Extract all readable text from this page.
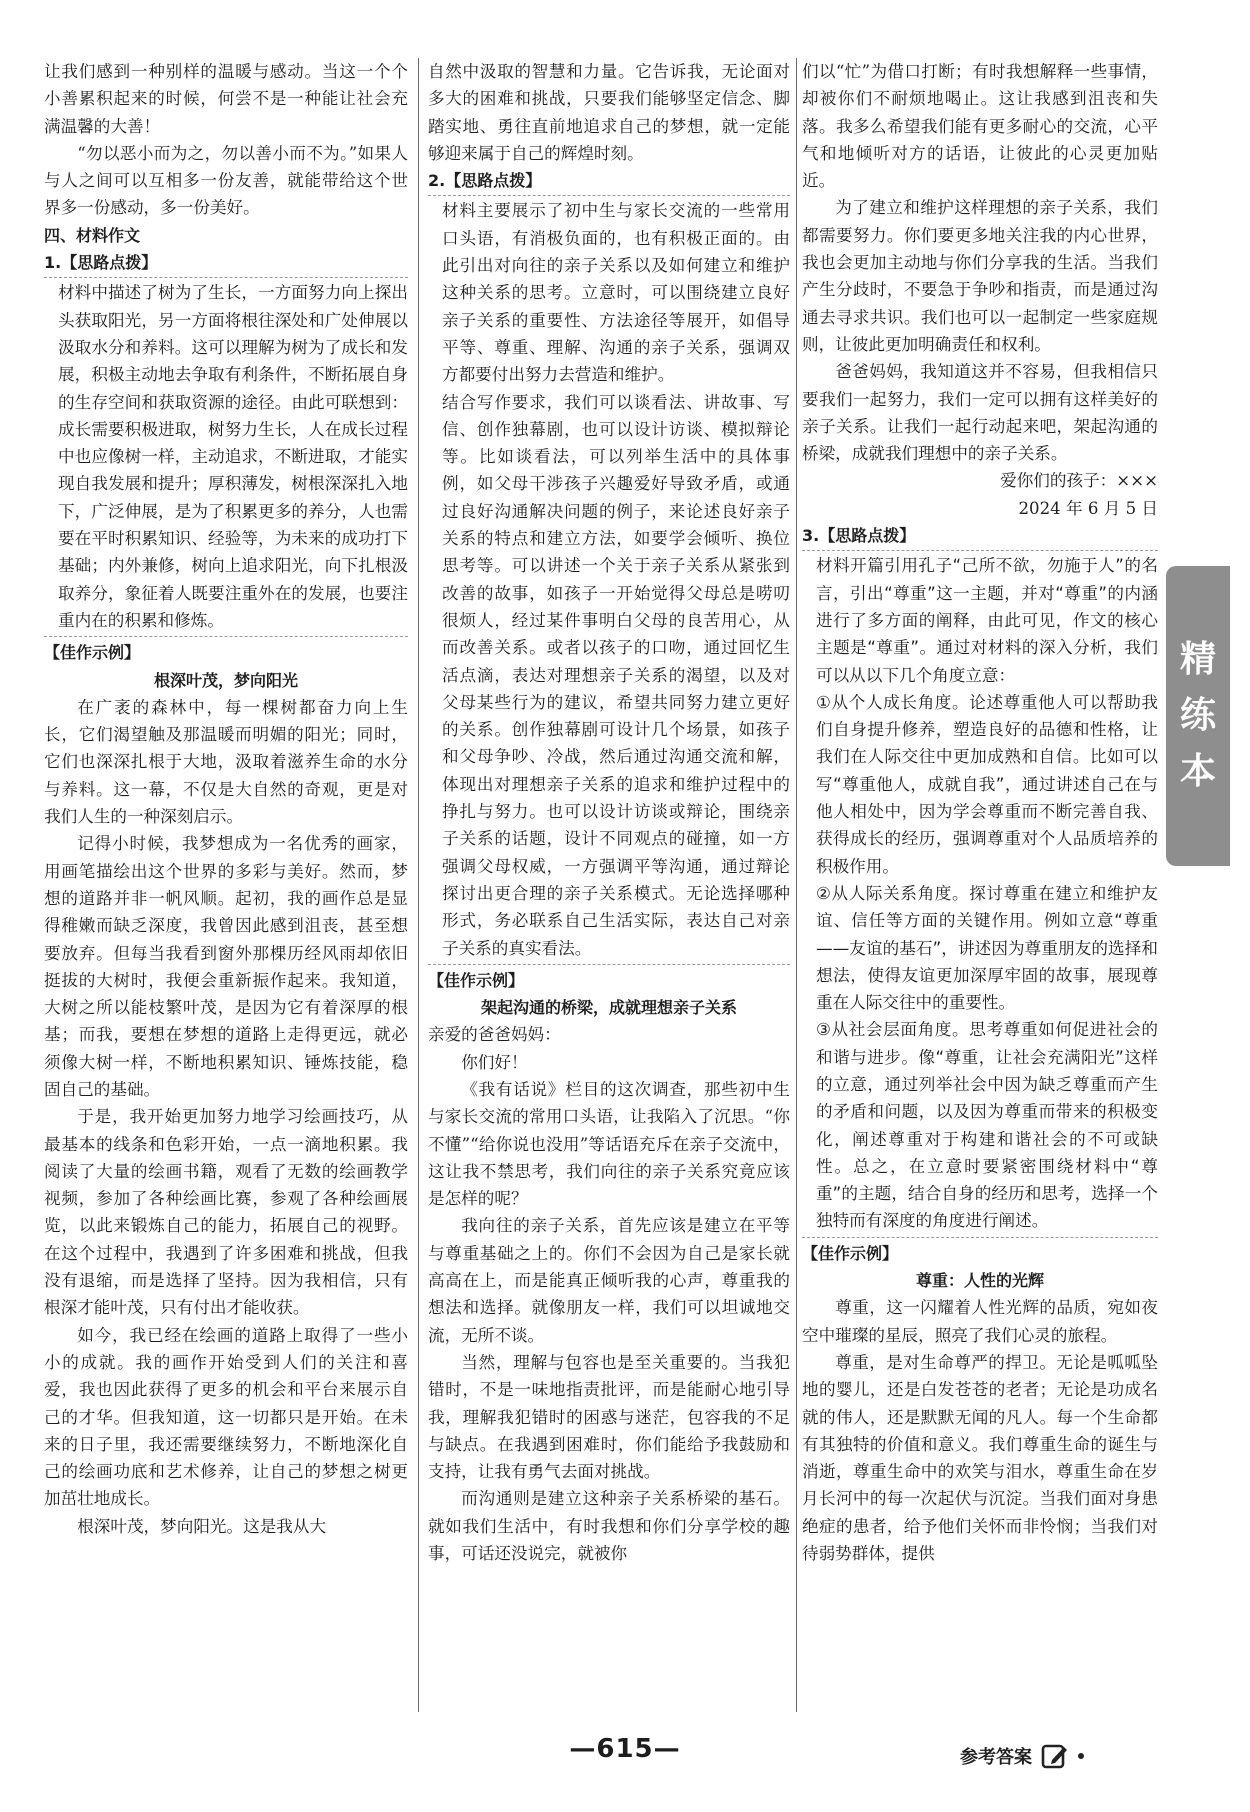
让我们感到一种别样的温暖与感动。当这一个个小善累积起来的时候，何尝不是一种能让社会充满温馨的大善！

“勿以恶小而为之，勿以善小而不为。”如果人与人之间可以互相多一份友善，就能带给这个世界多一份感动，多一份美好。

四、材料作文

1.【思路点拨】

材料中描述了树为了生长，一方面努力向上探出头获取阳光，另一方面将根往深处和广处伸展以汲取水分和养料。这可以理解为树为了成长和发展，积极主动地去争取有利条件，不断拓展自身的生存空间和获取资源的途径。由此可联想到：成长需要积极进取，树努力生长，人在成长过程中也应像树一样，主动追求，不断进取，才能实现自我发展和提升；厚积薄发，树根深深扎入地下，广泛伸展，是为了积累更多的养分，人也需要在平时积累知识、经验等，为未来的成功打下基础；内外兼修，树向上追求阳光，向下扎根汲取养分，象征着人既要注重外在的发展，也要注重内在的积累和修炼。

【佳作示例】

根深叶茂，梦向阳光

在广袤的森林中，每一棵树都奋力向上生长，它们渴望触及那温暖而明媚的阳光；同时，它们也深深扎根于大地，汲取着滋养生命的水分与养料。这一幕，不仅是大自然的奇观，更是对我们人生的一种深刻启示。

记得小时候，我梦想成为一名优秀的画家，用画笔描绘出这个世界的多彩与美好。然而，梦想的道路并非一帆风顺。起初，我的画作总是显得稚嫩而缺乏深度，我曾因此感到沮丧，甚至想要放弃。但每当我看到窗外那棵历经风雨却依旧挺拔的大树时，我便会重新振作起来。我知道，大树之所以能枝繁叶茂，是因为它有着深厚的根基；而我，要想在梦想的道路上走得更远，就必须像大树一样，不断地积累知识、锤炼技能，稳固自己的基础。

于是，我开始更加努力地学习绘画技巧，从最基本的线条和色彩开始，一点一滴地积累。我阅读了大量的绘画书籍，观看了无数的绘画教学视频，参加了各种绘画比赛，参观了各种绘画展览，以此来锻炼自己的能力，拓展自己的视野。在这个过程中，我遇到了许多困难和挑战，但我没有退缩，而是选择了坚持。因为我相信，只有根深才能叶茂，只有付出才能收获。

如今，我已经在绘画的道路上取得了一些小小的成就。我的画作开始受到人们的关注和喜爱，我也因此获得了更多的机会和平台来展示自己的才华。但我知道，这一切都只是开始。在未来的日子里，我还需要继续努力，不断地深化自己的绘画功底和艺术修养，让自己的梦想之树更加茁壮地成长。

根深叶茂，梦向阳光。这是我从大

自然中汲取的智慧和力量。它告诉我，无论面对多大的困难和挑战，只要我们能够坚定信念、脚踏实地、勇往直前地追求自己的梦想，就一定能够迎来属于自己的辉煌时刻。

2.【思路点拨】

材料主要展示了初中生与家长交流的一些常用口头语，有消极负面的，也有积极正面的。由此引出对向往的亲子关系以及如何建立和维护这种关系的思考。立意时，可以围绕建立良好亲子关系的重要性、方法途径等展开，如倡导平等、尊重、理解、沟通的亲子关系，强调双方都要付出努力去营造和维护。

结合写作要求，我们可以谈看法、讲故事、写信、创作独幕剧，也可以设计访谈、模拟辩论等。比如谈看法，可以列举生活中的具体事例，如父母干涉孩子兴趣爱好导致矛盾，或通过良好沟通解决问题的例子，来论述良好亲子关系的特点和建立方法，如要学会倾听、换位思考等。可以讲述一个关于亲子关系从紧张到改善的故事，如孩子一开始觉得父母总是唠叨很烦人，经过某件事明白父母的良苦用心，从而改善关系。或者以孩子的口吻，通过回忆生活点滴，表达对理想亲子关系的渴望，以及对父母某些行为的建议，希望共同努力建立更好的关系。创作独幕剧可设计几个场景，如孩子和父母争吵、冷战，然后通过沟通交流和解，体现出对理想亲子关系的追求和维护过程中的挣扎与努力。也可以设计访谈或辩论，围绕亲子关系的话题，设计不同观点的碰撞，如一方强调父母权威，一方强调平等沟通，通过辩论探讨出更合理的亲子关系模式。无论选择哪种形式，务必联系自己生活实际，表达自己对亲子关系的真实看法。

【佳作示例】

架起沟通的桥梁，成就理想亲子关系

亲爱的爸爸妈妈：

你们好！

《我有话说》栏目的这次调查，那些初中生与家长交流的常用口头语，让我陷入了沉思。“你不懂”“给你说也没用”等话语充斥在亲子交流中，这让我不禁思考，我们向往的亲子关系究竟应该是怎样的呢？

我向往的亲子关系，首先应该是建立在平等与尊重基础之上的。你们不会因为自己是家长就高高在上，而是能真正倾听我的心声，尊重我的想法和选择。就像朋友一样，我们可以坦诚地交流，无所不谈。

当然，理解与包容也是至关重要的。当我犯错时，不是一味地指责批评，而是能耐心地引导我，理解我犯错时的困惑与迷茫，包容我的不足与缺点。在我遇到困难时，你们能给予我鼓励和支持，让我有勇气去面对挑战。

而沟通则是建立这种亲子关系桥梁的基石。就如我们生活中，有时我想和你们分享学校的趣事，可话还没说完，就被你

们以“忙”为借口打断；有时我想解释一些事情，却被你们不耐烦地喝止。这让我感到沮丧和失落。我多么希望我们能有更多耐心的交流，心平气和地倾听对方的话语，让彼此的心灵更加贴近。

为了建立和维护这样理想的亲子关系，我们都需要努力。你们要更多地关注我的内心世界，我也会更加主动地与你们分享我的生活。当我们产生分歧时，不要急于争吵和指责，而是通过沟通去寻求共识。我们也可以一起制定一些家庭规则，让彼此更加明确责任和权利。

爸爸妈妈，我知道这并不容易，但我相信只要我们一起努力，我们一定可以拥有这样美好的亲子关系。让我们一起行动起来吧，架起沟通的桥梁，成就我们理想中的亲子关系。

爱你们的孩子：×××

2024 年 6 月 5 日

3.【思路点拨】

材料开篇引用孔子“己所不欲，勿施于人”的名言，引出“尊重”这一主题，并对“尊重”的内涵进行了多方面的阐释，由此可见，作文的核心主题是“尊重”。通过对材料的深入分析，我们可以从以下几个角度立意：

①从个人成长角度。论述尊重他人可以帮助我们自身提升修养，塑造良好的品德和性格，让我们在人际交往中更加成熟和自信。比如可以写“尊重他人，成就自我”，通过讲述自己在与他人相处中，因为学会尊重而不断完善自我、获得成长的经历，强调尊重对个人品质培养的积极作用。

②从人际关系角度。探讨尊重在建立和维护友谊、信任等方面的关键作用。例如立意“尊重——友谊的基石”，讲述因为尊重朋友的选择和想法，使得友谊更加深厚牢固的故事，展现尊重在人际交往中的重要性。

③从社会层面角度。思考尊重如何促进社会的和谐与进步。像“尊重，让社会充满阳光”这样的立意，通过列举社会中因为缺乏尊重而产生的矛盾和问题，以及因为尊重而带来的积极变化，阐述尊重对于构建和谐社会的不可或缺性。总之，在立意时要紧密围绕材料中“尊重”的主题，结合自身的经历和思考，选择一个独特而有深度的角度进行阐述。

【佳作示例】

尊重：人性的光辉

尊重，这一闪耀着人性光辉的品质，宛如夜空中璀璨的星辰，照亮了我们心灵的旅程。

尊重，是对生命尊严的捍卫。无论是呱呱坠地的婴儿，还是白发苍苍的老者；无论是功成名就的伟人，还是默默无闻的凡人。每一个生命都有其独特的价值和意义。我们尊重生命的诞生与消逝，尊重生命中的欢笑与泪水，尊重生命在岁月长河中的每一次起伏与沉淀。当我们面对身患绝症的患者，给予他们关怀而非怜悯；当我们对待弱势群体，提供

精
练
本
—615—	参考答案
